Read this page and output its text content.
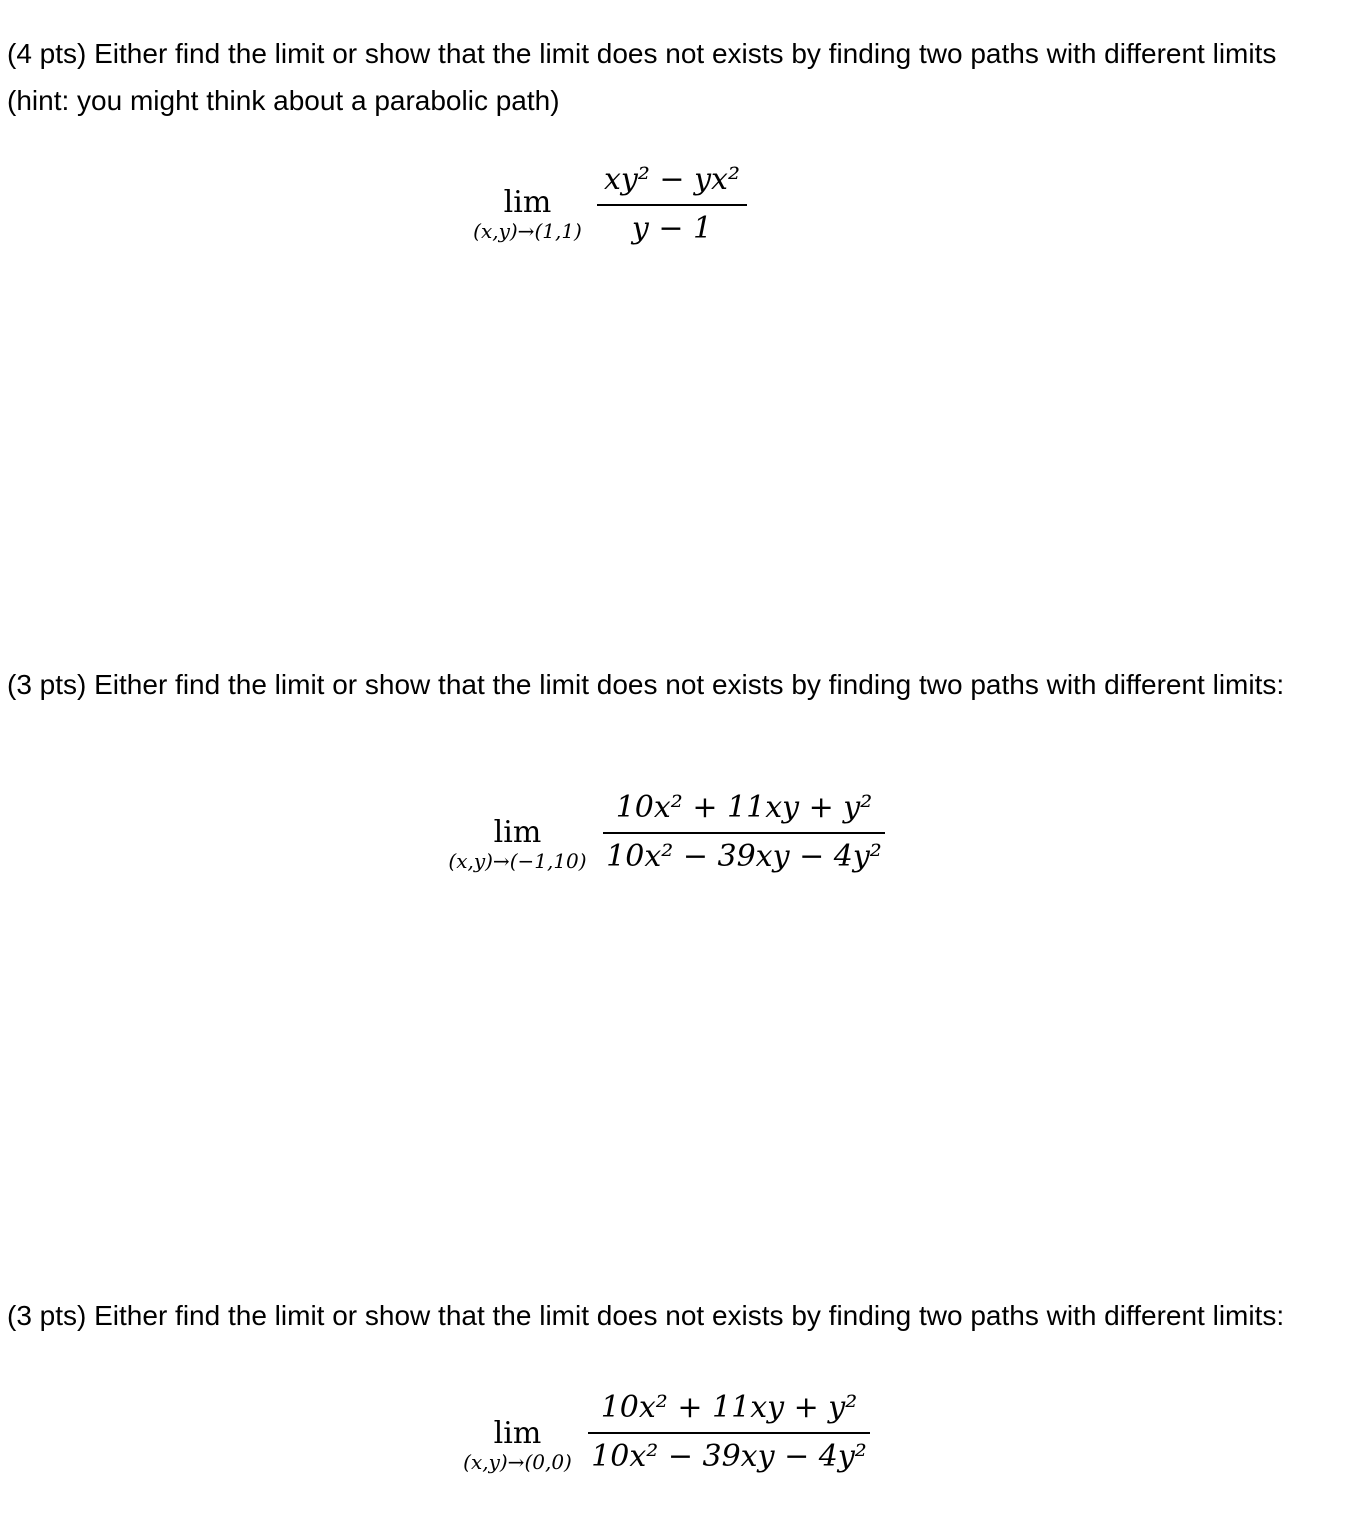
(4 pts) Either find the limit or show that the limit does not exists by finding two paths with different limits (hint: you might think about a parabolic path)

lim
(x,y)→(1,1)
xy² − yx²
y − 1

(3 pts) Either find the limit or show that the limit does not exists by finding two paths with different limits:

lim
(x,y)→(−1,10)
10x² + 11xy + y²
10x² − 39xy − 4y²

(3 pts) Either find the limit or show that the limit does not exists by finding two paths with different limits:

lim
(x,y)→(0,0)
10x² + 11xy + y²
10x² − 39xy − 4y²
